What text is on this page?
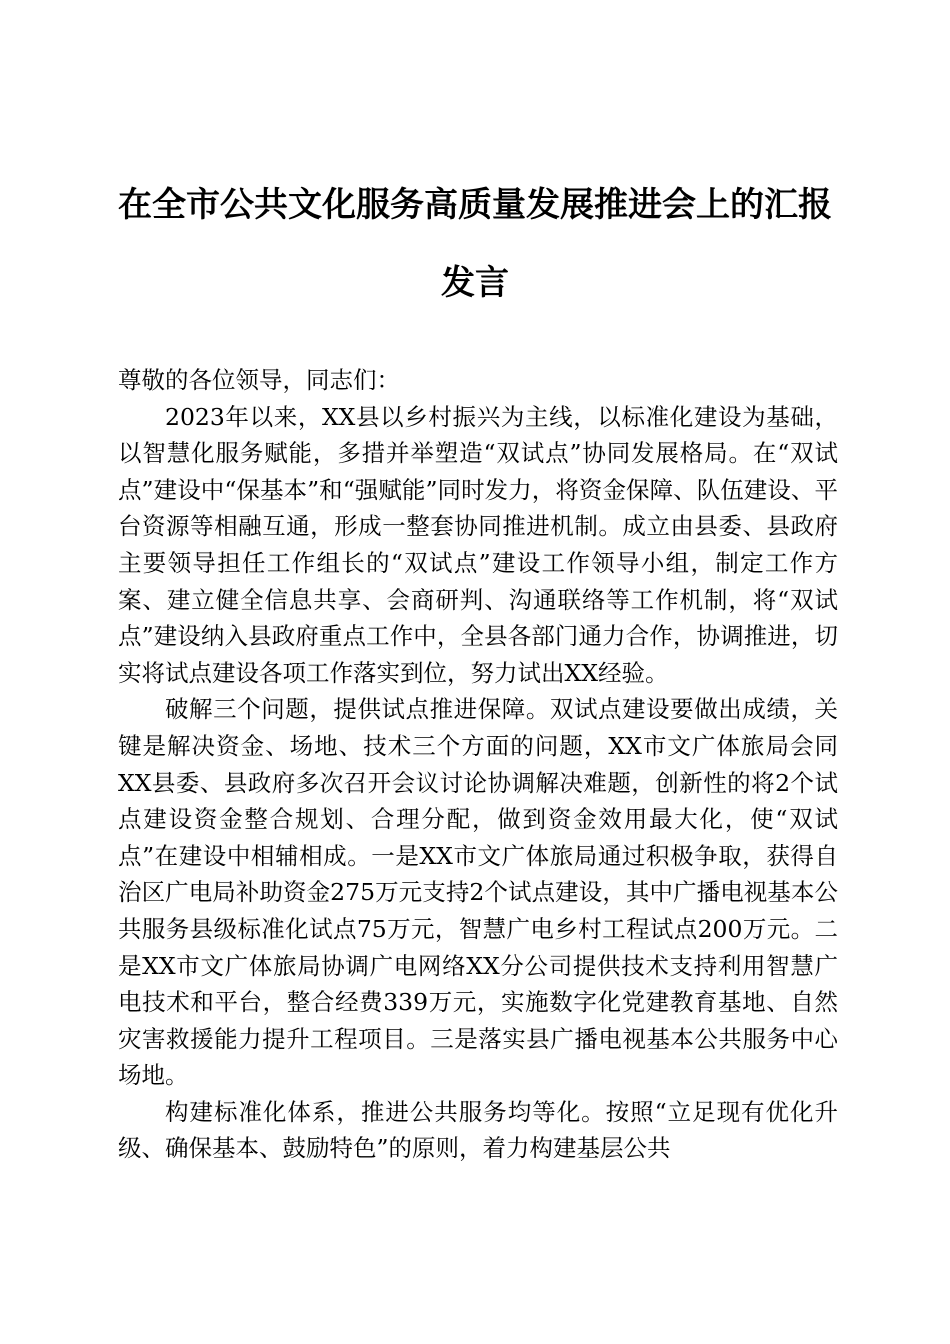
在全市公共文化服务高质量发展推进会上的汇报发言

尊敬的各位领导，同志们：

2023年以来，XX县以乡村振兴为主线，以标准化建设为基础，以智慧化服务赋能，多措并举塑造“双试点”协同发展格局。在“双试点”建设中“保基本”和“强赋能”同时发力，将资金保障、队伍建设、平台资源等相融互通，形成一整套协同推进机制。成立由县委、县政府主要领导担任工作组长的“双试点”建设工作领导小组，制定工作方案、建立健全信息共享、会商研判、沟通联络等工作机制，将“双试点”建设纳入县政府重点工作中，全县各部门通力合作，协调推进，切实将试点建设各项工作落实到位，努力试出XX经验。

破解三个问题，提供试点推进保障。双试点建设要做出成绩，关键是解决资金、场地、技术三个方面的问题，XX市文广体旅局会同XX县委、县政府多次召开会议讨论协调解决难题，创新性的将2个试点建设资金整合规划、合理分配，做到资金效用最大化，使“双试点”在建设中相辅相成。一是XX市文广体旅局通过积极争取，获得自治区广电局补助资金275万元支持2个试点建设，其中广播电视基本公共服务县级标准化试点75万元，智慧广电乡村工程试点200万元。二是XX市文广体旅局协调广电网络XX分公司提供技术支持利用智慧广电技术和平台，整合经费339万元，实施数字化党建教育基地、自然灾害救援能力提升工程项目。三是落实县广播电视基本公共服务中心场地。

构建标准化体系，推进公共服务均等化。按照“立足现有优化升级、确保基本、鼓励特色”的原则，着力构建基层公共
